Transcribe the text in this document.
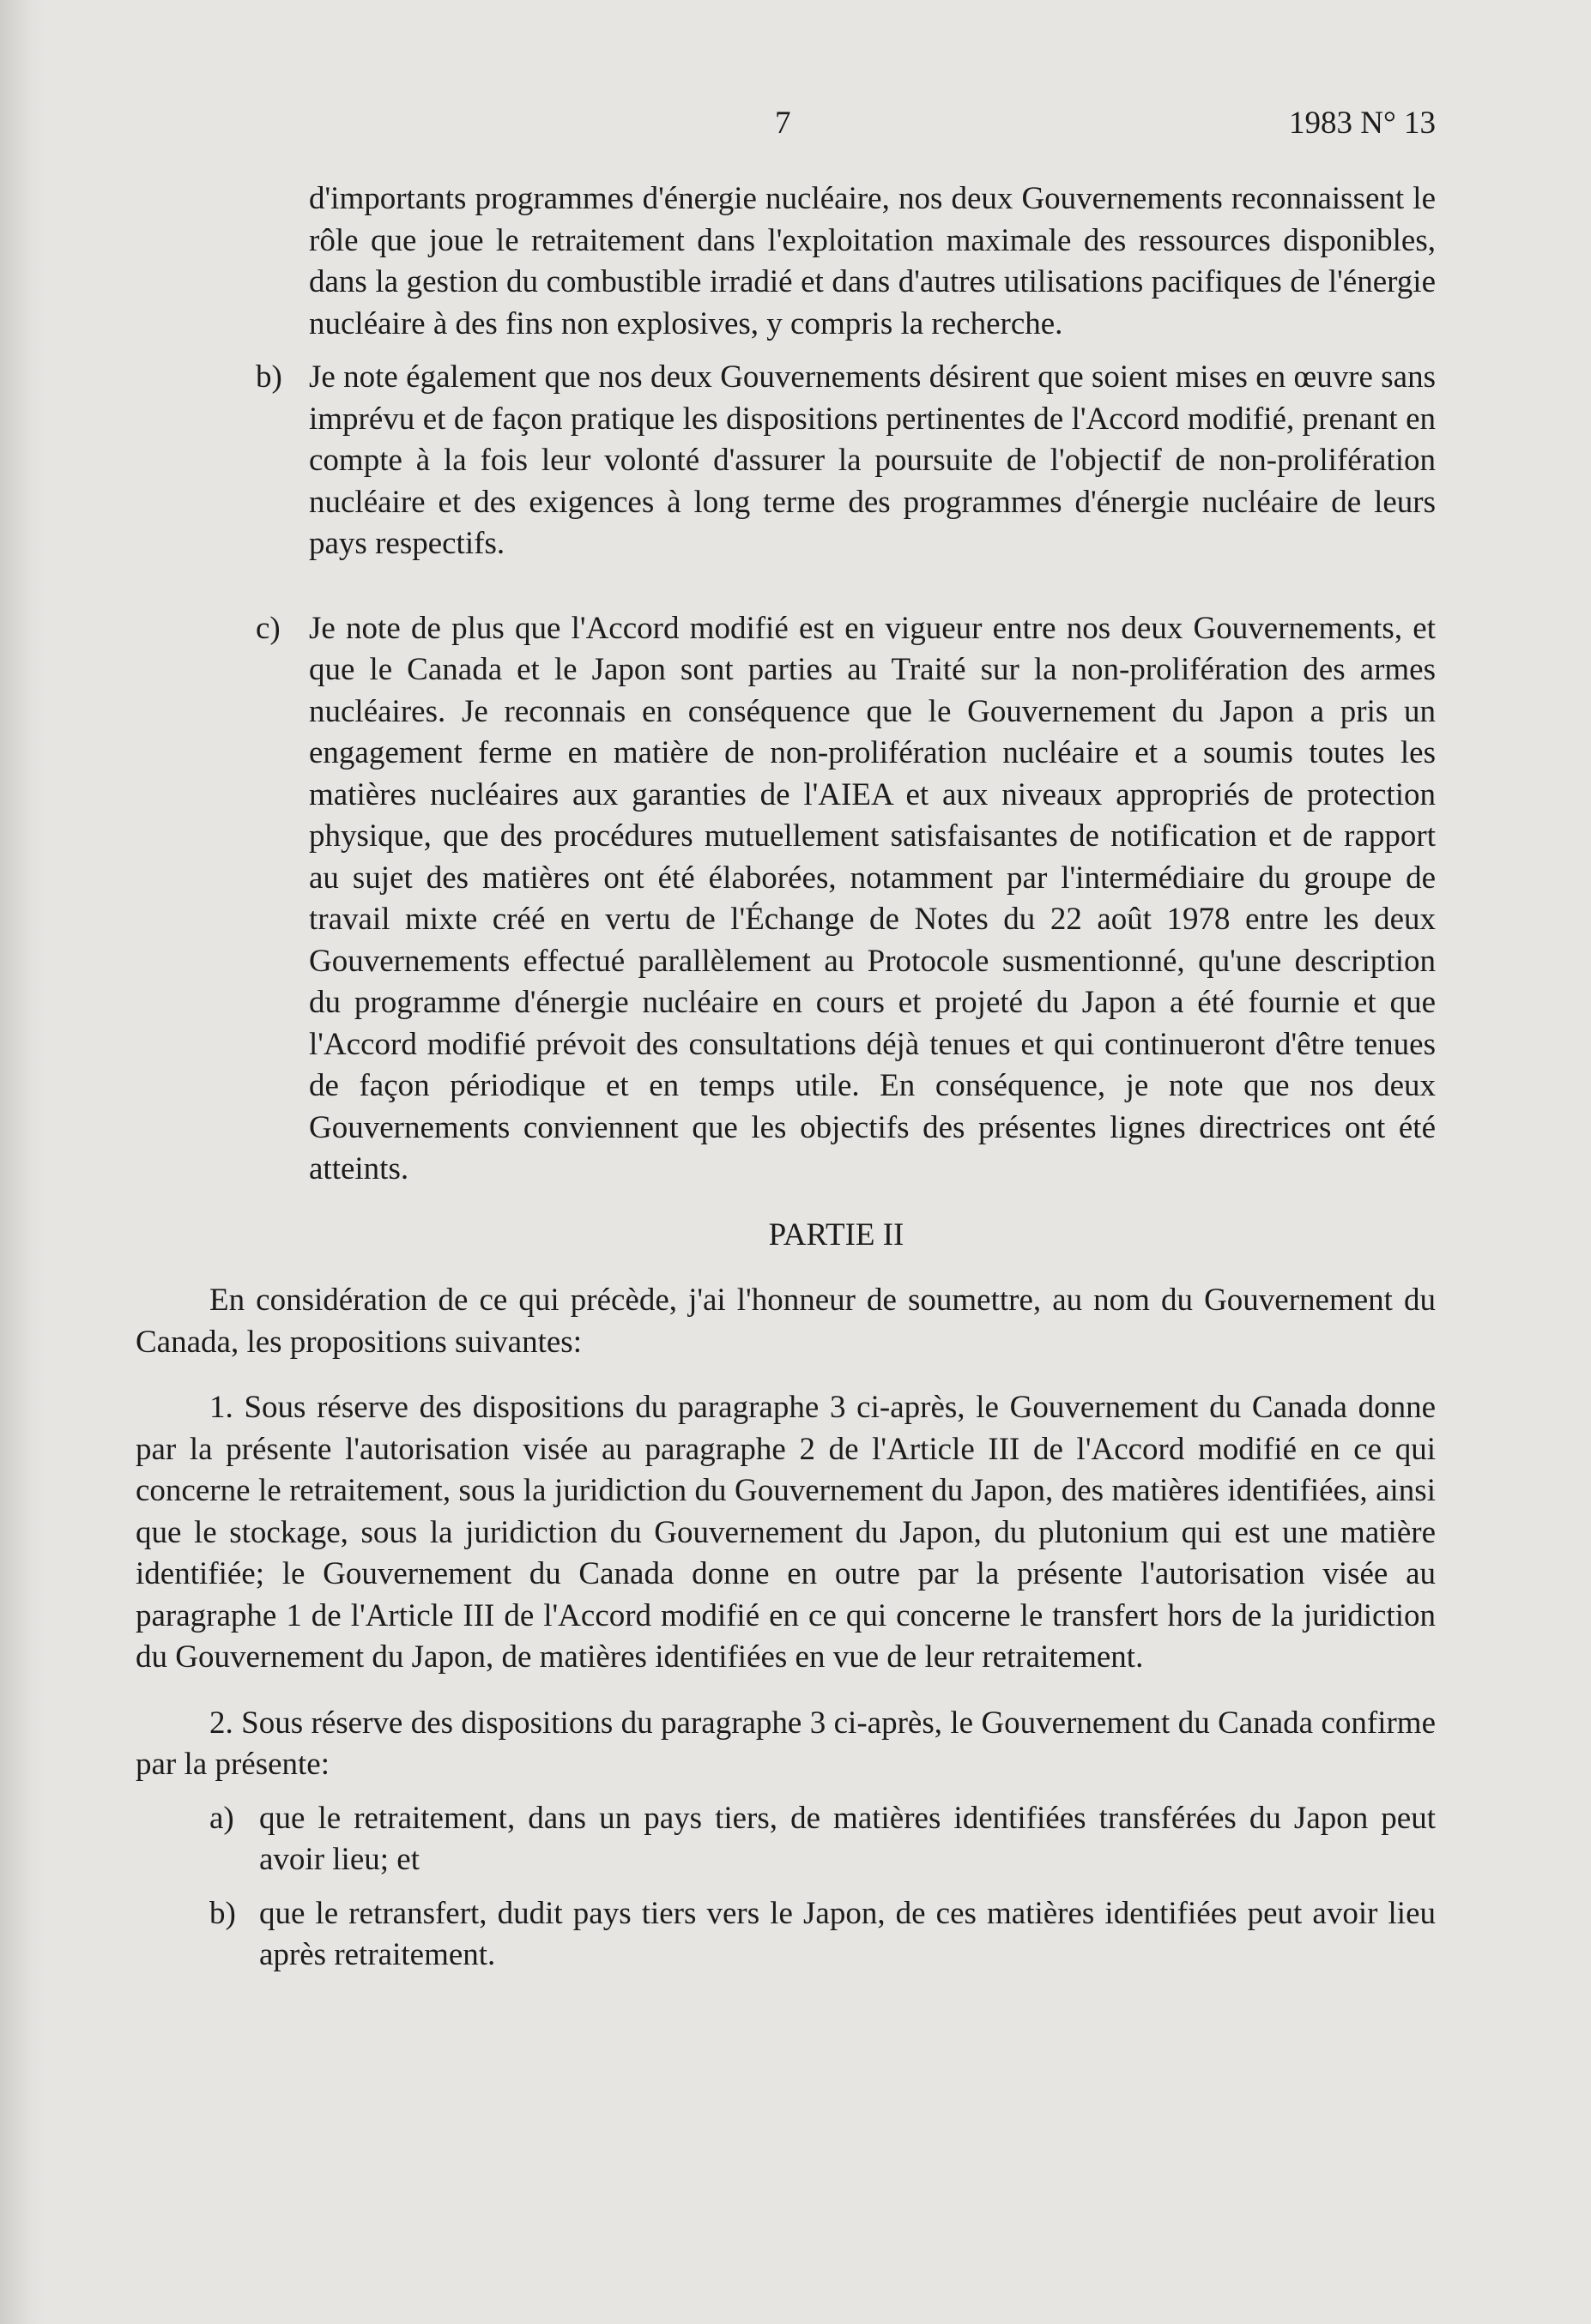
7	1983 N° 13

d'importants programmes d'énergie nucléaire, nos deux Gouvernements reconnaissent le rôle que joue le retraitement dans l'exploitation maximale des ressources disponibles, dans la gestion du combustible irradié et dans d'autres utilisations pacifiques de l'énergie nucléaire à des fins non explosives, y compris la recherche.

b) Je note également que nos deux Gouvernements désirent que soient mises en œuvre sans imprévu et de façon pratique les dispositions pertinentes de l'Accord modifié, prenant en compte à la fois leur volonté d'assurer la poursuite de l'objectif de non-prolifération nucléaire et des exigences à long terme des programmes d'énergie nucléaire de leurs pays respectifs.
c) Je note de plus que l'Accord modifié est en vigueur entre nos deux Gouvernements, et que le Canada et le Japon sont parties au Traité sur la non-prolifération des armes nucléaires. Je reconnais en conséquence que le Gouvernement du Japon a pris un engagement ferme en matière de non-prolifération nucléaire et a soumis toutes les matières nucléaires aux garanties de l'AIEA et aux niveaux appropriés de protection physique, que des procédures mutuellement satisfaisantes de notification et de rapport au sujet des matières ont été élaborées, notamment par l'intermédiaire du groupe de travail mixte créé en vertu de l'Échange de Notes du 22 août 1978 entre les deux Gouvernements effectué parallèlement au Protocole susmentionné, qu'une description du programme d'énergie nucléaire en cours et projeté du Japon a été fournie et que l'Accord modifié prévoit des consultations déjà tenues et qui continueront d'être tenues de façon périodique et en temps utile. En conséquence, je note que nos deux Gouvernements conviennent que les objectifs des présentes lignes directrices ont été atteints.
PARTIE II

En considération de ce qui précède, j'ai l'honneur de soumettre, au nom du Gouvernement du Canada, les propositions suivantes:

1. Sous réserve des dispositions du paragraphe 3 ci-après, le Gouvernement du Canada donne par la présente l'autorisation visée au paragraphe 2 de l'Article III de l'Accord modifié en ce qui concerne le retraitement, sous la juridiction du Gouvernement du Japon, des matières identifiées, ainsi que le stockage, sous la juridiction du Gouvernement du Japon, du plutonium qui est une matière identifiée; le Gouvernement du Canada donne en outre par la présente l'autorisation visée au paragraphe 1 de l'Article III de l'Accord modifié en ce qui concerne le transfert hors de la juridiction du Gouvernement du Japon, de matières identifiées en vue de leur retraitement.

2. Sous réserve des dispositions du paragraphe 3 ci-après, le Gouvernement du Canada confirme par la présente:

a) que le retraitement, dans un pays tiers, de matières identifiées transférées du Japon peut avoir lieu; et
b) que le retransfert, dudit pays tiers vers le Japon, de ces matières identifiées peut avoir lieu après retraitement.
